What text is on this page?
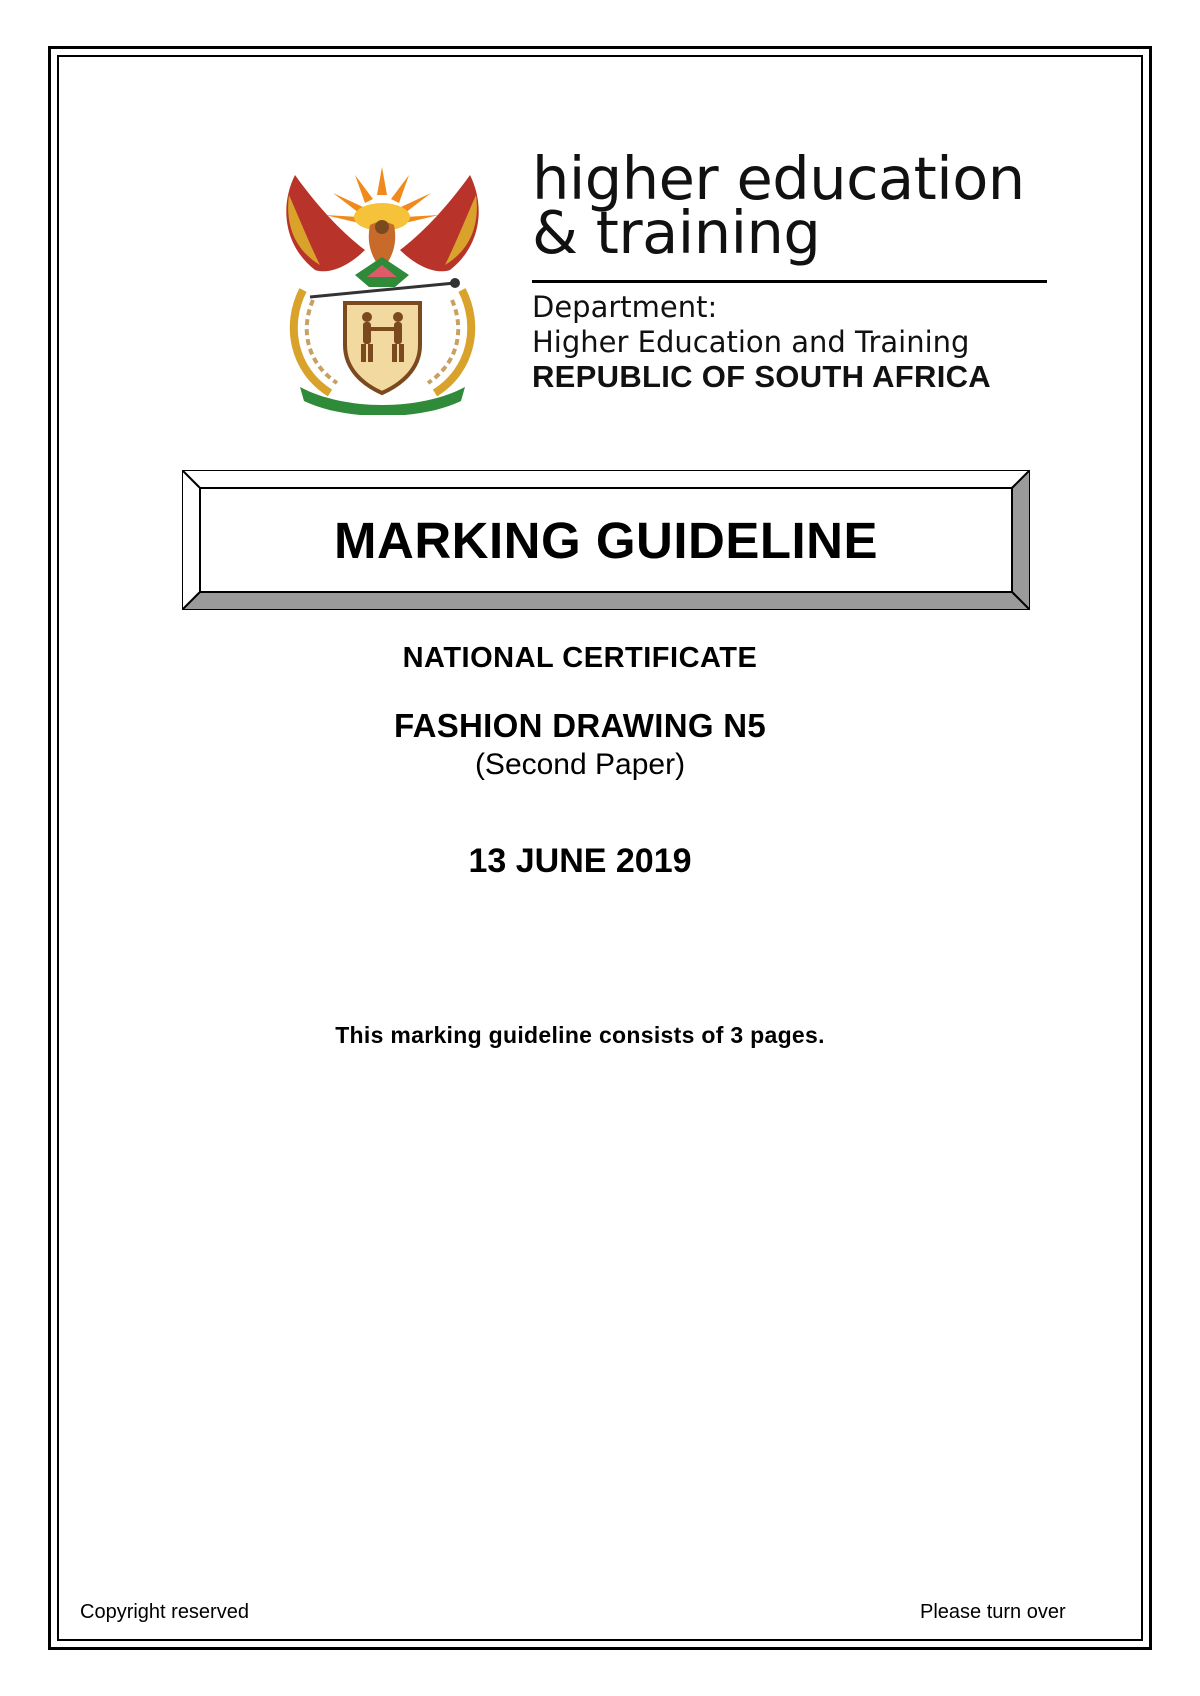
higher education
& training
Department:
Higher Education and Training
REPUBLIC OF SOUTH AFRICA
MARKING GUIDELINE
NATIONAL CERTIFICATE
FASHION DRAWING N5
(Second Paper)
13 JUNE 2019
This marking guideline consists of 3 pages.
Copyright reserved	Please turn over
